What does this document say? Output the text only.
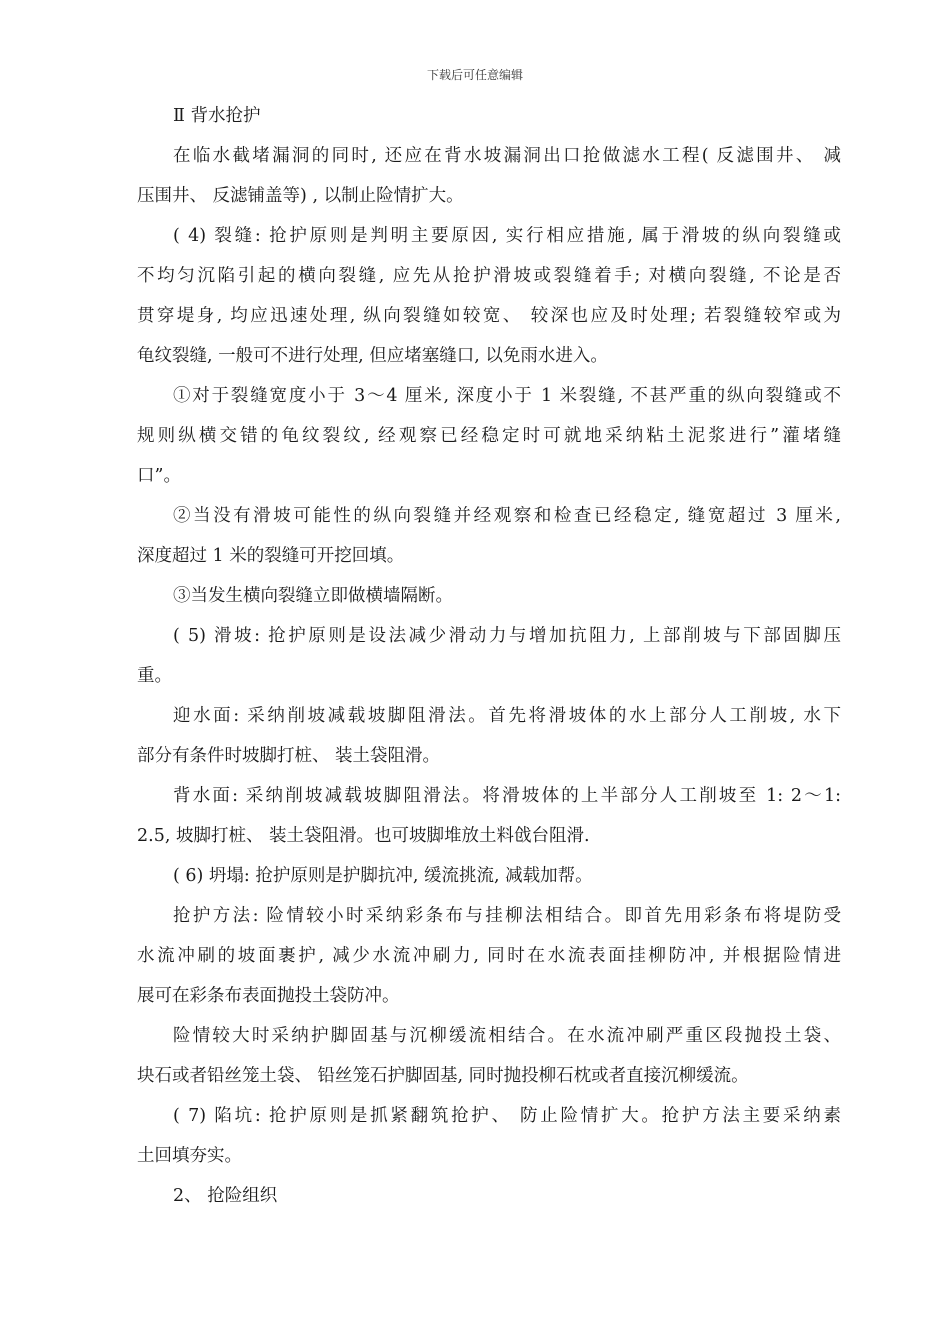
下载后可任意编辑
Ⅱ 背水抢护
在临水截堵漏洞的同时, 还应在背水坡漏洞出口抢做滤水工程( 反滤围井、 减
压围井、 反滤铺盖等) , 以制止险情扩大。
( 4) 裂缝: 抢护原则是判明主要原因, 实行相应措施, 属于滑坡的纵向裂缝或
不均匀沉陷引起的横向裂缝, 应先从抢护滑坡或裂缝着手; 对横向裂缝, 不论是否
贯穿堤身, 均应迅速处理, 纵向裂缝如较宽、 较深也应及时处理; 若裂缝较窄或为
龟纹裂缝, 一般可不进行处理, 但应堵塞缝口, 以免雨水进入。
①对于裂缝宽度小于 3～4 厘米, 深度小于 1 米裂缝, 不甚严重的纵向裂缝或不
规则纵横交错的龟纹裂纹, 经观察已经稳定时可就地采纳粘土泥浆进行”灌堵缝
口”。
②当没有滑坡可能性的纵向裂缝并经观察和检查已经稳定, 缝宽超过 3 厘米,
深度超过 1 米的裂缝可开挖回填。
③当发生横向裂缝立即做横墙隔断。
( 5) 滑坡: 抢护原则是设法减少滑动力与增加抗阻力, 上部削坡与下部固脚压
重。
迎水面: 采纳削坡减载坡脚阻滑法。首先将滑坡体的水上部分人工削坡, 水下
部分有条件时坡脚打桩、 装土袋阻滑。
背水面: 采纳削坡减载坡脚阻滑法。将滑坡体的上半部分人工削坡至 1: 2～1:
2.5, 坡脚打桩、 装土袋阻滑。也可坡脚堆放土料戗台阻滑.
( 6) 坍塌: 抢护原则是护脚抗冲, 缓流挑流, 减载加帮。
抢护方法: 险情较小时采纳彩条布与挂柳法相结合。即首先用彩条布将堤防受
水流冲刷的坡面裹护, 减少水流冲刷力, 同时在水流表面挂柳防冲, 并根据险情进
展可在彩条布表面抛投土袋防冲。
险情较大时采纳护脚固基与沉柳缓流相结合。在水流冲刷严重区段抛投土袋、
块石或者铅丝笼土袋、 铅丝笼石护脚固基, 同时抛投柳石枕或者直接沉柳缓流。
( 7) 陷坑: 抢护原则是抓紧翻筑抢护、 防止险情扩大。抢护方法主要采纳素
土回填夯实。
2、 抢险组织
